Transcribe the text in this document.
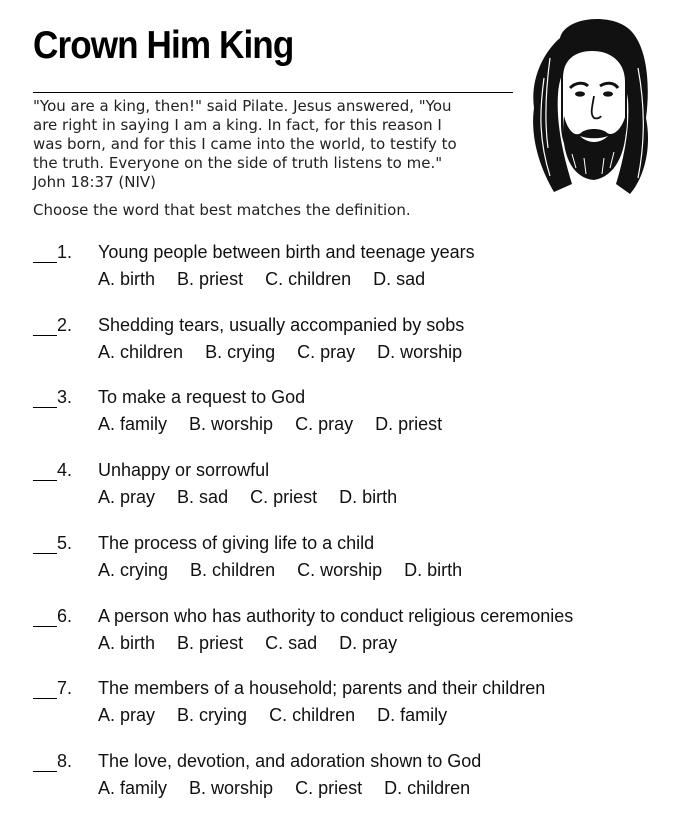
Crown Him King

"You are a king, then!" said Pilate. Jesus answered, "You
are right in saying I am a king. In fact, for this reason I
was born, and for this I came into the world, to testify to
the truth. Everyone on the side of truth listens to me."
John 18:37 (NIV)

Choose the word that best matches the definition.

1. Young people between birth and teenage years
A. birth B. priest C. children D. sad
2. Shedding tears, usually accompanied by sobs
A. children B. crying C. pray D. worship
3. To make a request to God
A. family B. worship C. pray D. priest
4. Unhappy or sorrowful
A. pray B. sad C. priest D. birth
5. The process of giving life to a child
A. crying B. children C. worship D. birth
6. A person who has authority to conduct religious ceremonies
A. birth B. priest C. sad D. pray
7. The members of a household; parents and their children
A. pray B. crying C. children D. family
8. The love, devotion, and adoration shown to God
A. family B. worship C. priest D. children
